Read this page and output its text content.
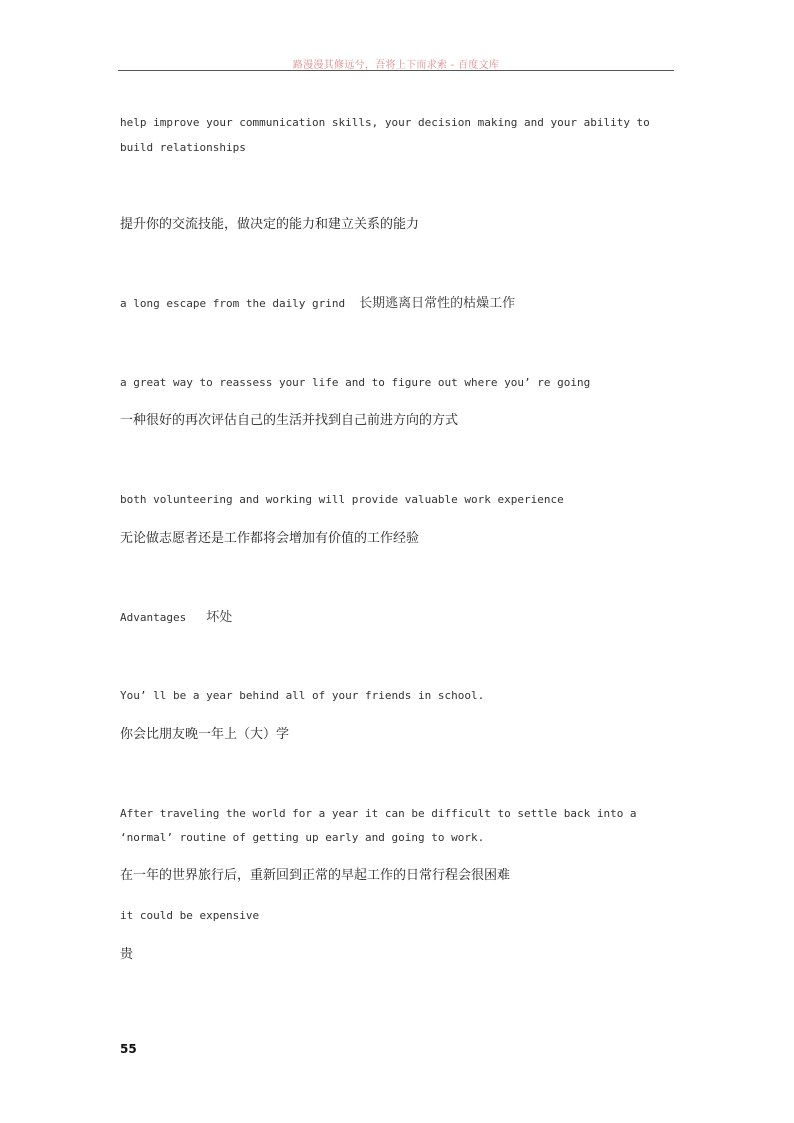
路漫漫其修远兮，吾将上下而求索 - 百度文库
help improve your communication skills, your decision making and your ability to
build relationships
提升你的交流技能，做决定的能力和建立关系的能力
a long escape from the daily grind 长期逃离日常性的枯燥工作
a great way to reassess your life and to figure out where you’ re going
一种很好的再次评估自己的生活并找到自己前进方向的方式
both volunteering and working will provide valuable work experience
无论做志愿者还是工作都将会增加有价值的工作经验
Advantages 坏处
You’ ll be a year behind all of your friends in school.
你会比朋友晚一年上（大）学
After traveling the world for a year it can be difficult to settle back into a
‘normal’ routine of getting up early and going to work.
在一年的世界旅行后，重新回到正常的早起工作的日常行程会很困难
it could be expensive
贵
55
